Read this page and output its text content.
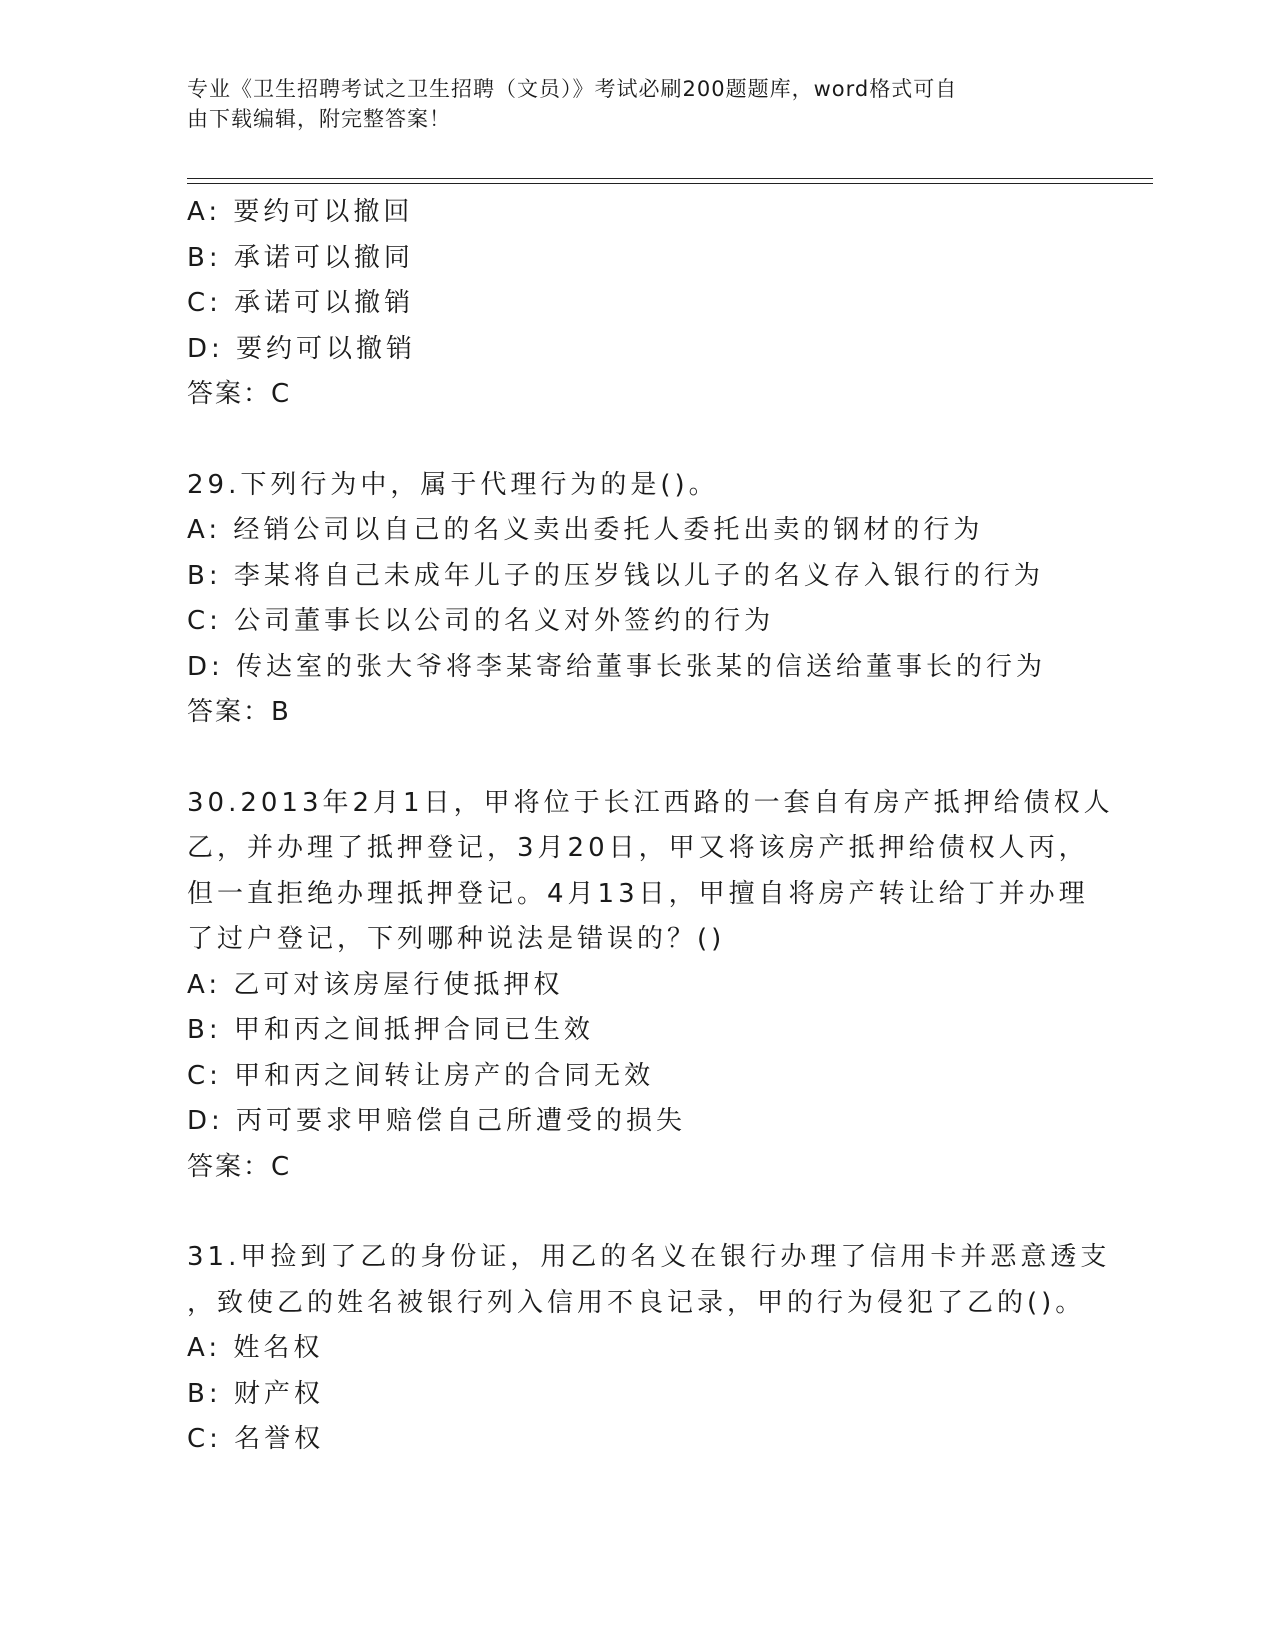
专业《卫生招聘考试之卫生招聘（文员）》考试必刷200题题库，word格式可自
由下载编辑，附完整答案！
A: 要约可以撤回
B: 承诺可以撤同
C: 承诺可以撤销
D: 要约可以撤销
答案：C
29.下列行为中，属于代理行为的是()。
A: 经销公司以自己的名义卖出委托人委托出卖的钢材的行为
B: 李某将自己未成年儿子的压岁钱以儿子的名义存入银行的行为
C: 公司董事长以公司的名义对外签约的行为
D: 传达室的张大爷将李某寄给董事长张某的信送给董事长的行为
答案：B
30.2013年2月1日，甲将位于长江西路的一套自有房产抵押给债权人
乙，并办理了抵押登记，3月20日，甲又将该房产抵押给债权人丙，
但一直拒绝办理抵押登记。4月13日，甲擅自将房产转让给丁并办理
了过户登记，下列哪种说法是错误的？()
A: 乙可对该房屋行使抵押权
B: 甲和丙之间抵押合同已生效
C: 甲和丙之间转让房产的合同无效
D: 丙可要求甲赔偿自己所遭受的损失
答案：C
31.甲捡到了乙的身份证，用乙的名义在银行办理了信用卡并恶意透支
，致使乙的姓名被银行列入信用不良记录，甲的行为侵犯了乙的()。
A: 姓名权
B: 财产权
C: 名誉权
